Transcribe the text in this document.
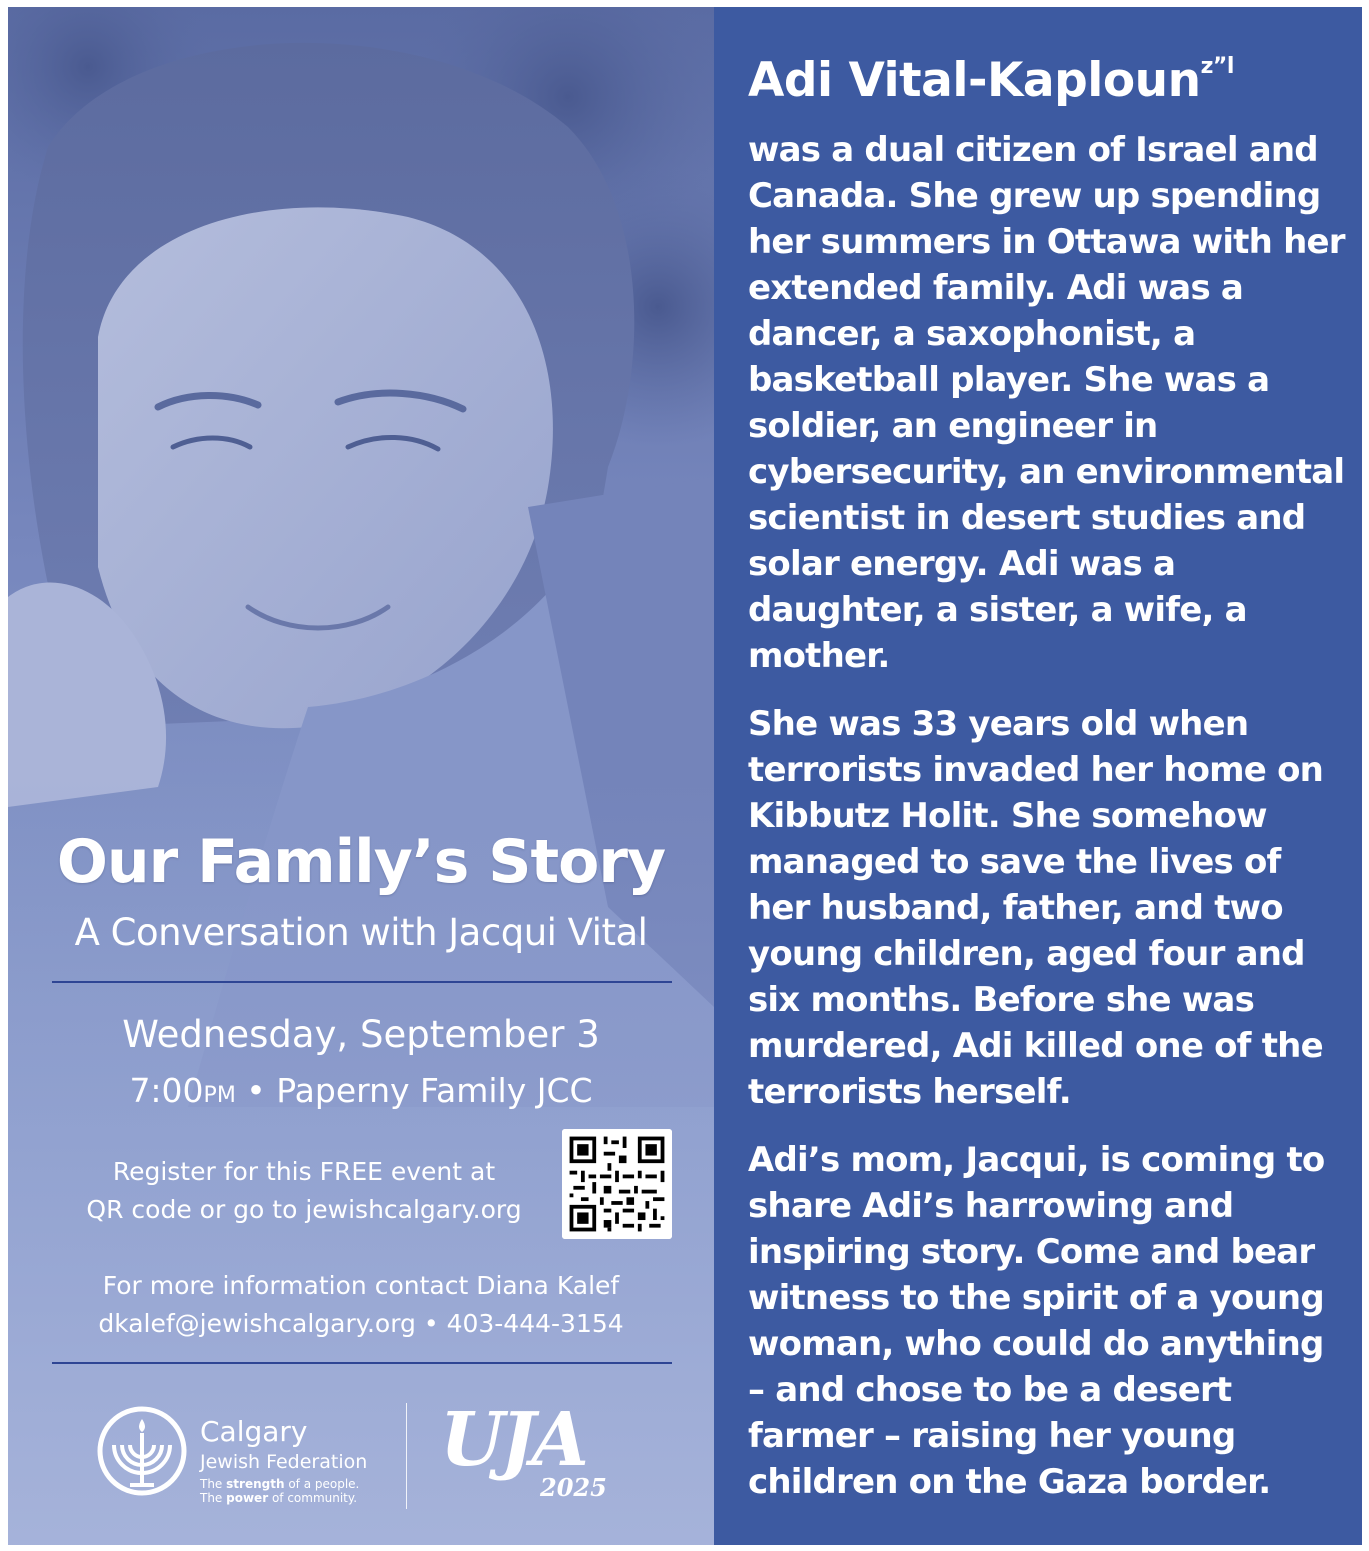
Our Family’s Story
A Conversation with Jacqui Vital
Wednesday, September 3
7:00PM • Paperny Family JCC
Register for this FREE event at
QR code or go to jewishcalgary.org
For more information contact Diana Kalef
dkalef@jewishcalgary.org • 403-444-3154
Calgary
Jewish Federation
The strength of a people.
The power of community.
UJA
2025
Adi Vital-Kaploun$^{z”l}$
was a dual citizen of Israel and Canada. She grew up spending her summers in Ottawa with her extended family. Adi was a dancer, a saxophonist, a basketball player. She was a soldier, an engineer in cybersecurity, an environmental scientist in desert studies and solar energy. Adi was a daughter, a sister, a wife, a mother.
She was 33 years old when terrorists invaded her home on Kibbutz Holit. She somehow managed to save the lives of her husband, father, and two young children, aged four and six months. Before she was murdered, Adi killed one of the terrorists herself.
Adi’s mom, Jacqui, is coming to share Adi’s harrowing and inspiring story. Come and bear witness to the spirit of a young woman, who could do anything – and chose to be a desert farmer – raising her young children on the Gaza border.
